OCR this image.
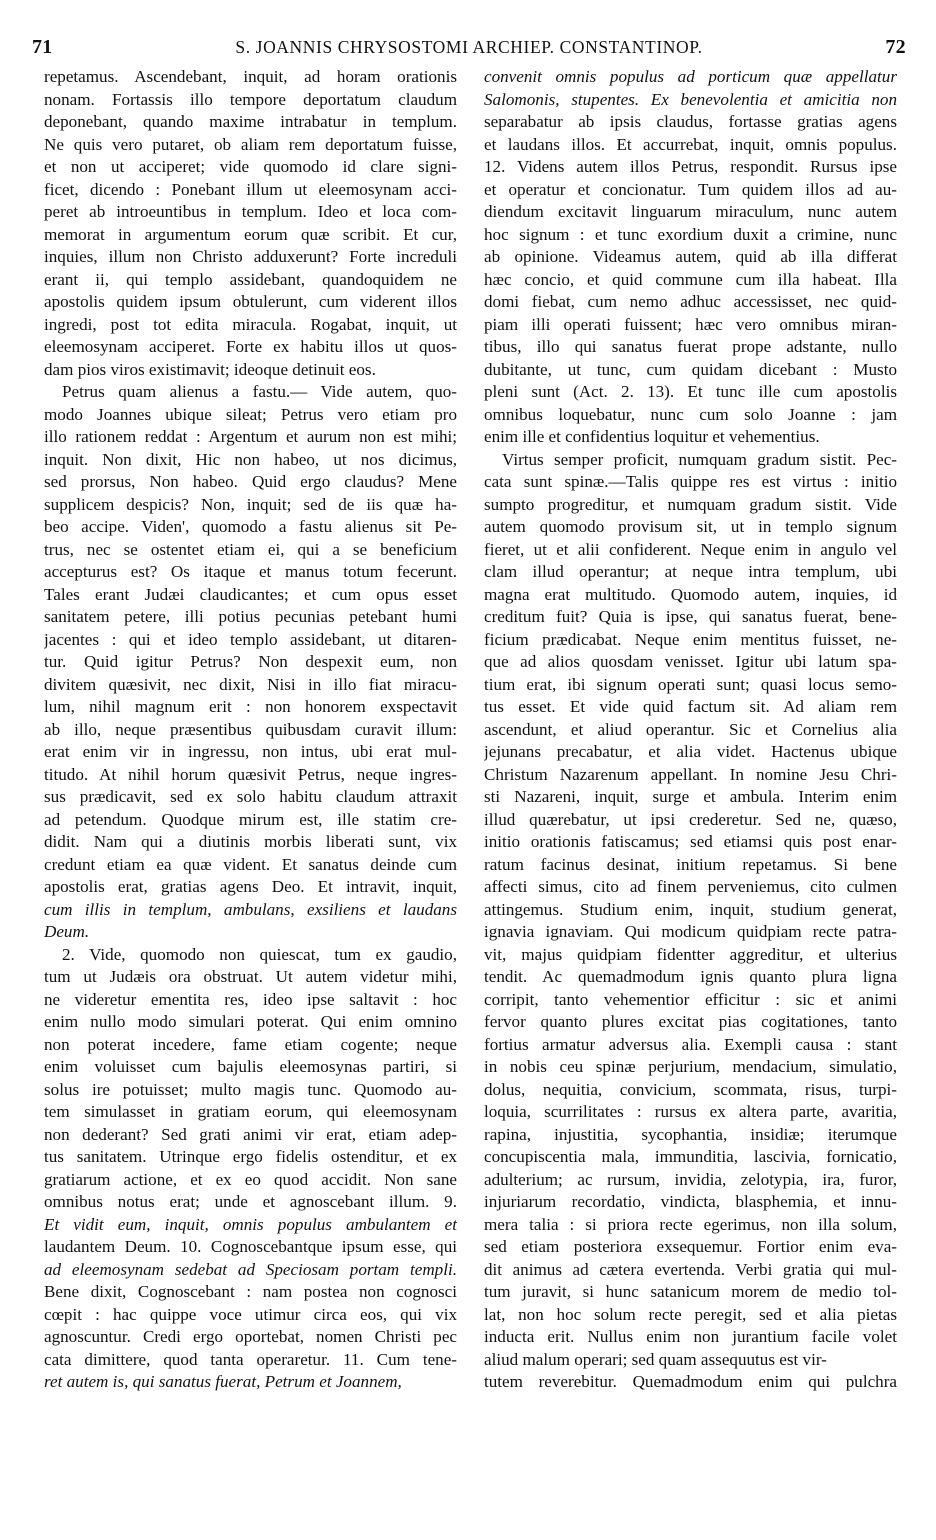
71	S. JOANNIS CHRYSOSTOMI ARCHIEP. CONSTANTINOP.	72
repetamus. Ascendebant, inquit, ad horam orationis
nonam. Fortassis illo tempore deportatum claudum
deponebant, quando maxime intrabatur in templum.
Ne quis vero putaret, ob aliam rem deportatum fuisse,
et non ut acciperet; vide quomodo id clare signi-
ficet, dicendo : Ponebant illum ut eleemosynam acci-
peret ab introeuntibus in templum. Ideo et loca com-
memorat in argumentum eorum quæ scribit. Et cur,
inquies, illum non Christo adduxerunt? Forte increduli
erant ii, qui templo assidebant, quandoquidem ne
apostolis quidem ipsum obtulerunt, cum viderent illos
ingredi, post tot edita miracula. Rogabat, inquit, ut
eleemosynam acciperet. Forte ex habitu illos ut quos-
dam pios viros existimavit; ideoque detinuit eos.
Petrus quam alienus a fastu.— Vide autem, quo-
modo Joannes ubique sileat; Petrus vero etiam pro
illo rationem reddat : Argentum et aurum non est mihi;
inquit. Non dixit, Hic non habeo, ut nos dicimus,
sed prorsus, Non habeo. Quid ergo claudus? Mene
supplicem despicis? Non, inquit; sed de iis quæ ha-
beo accipe. Viden', quomodo a fastu alienus sit Pe-
trus, nec se ostentet etiam ei, qui a se beneficium
accepturus est? Os itaque et manus totum fecerunt.
Tales erant Judæi claudicantes; et cum opus esset
sanitatem petere, illi potius pecunias petebant humi
jacentes : qui et ideo templo assidebant, ut ditaren-
tur. Quid igitur Petrus? Non despexit eum, non
divitem quæsivit, nec dixit, Nisi in illo fiat miracu-
lum, nihil magnum erit : non honorem exspectavit
ab illo, neque præsentibus quibusdam curavit illum:
erat enim vir in ingressu, non intus, ubi erat mul-
titudo. At nihil horum quæsivit Petrus, neque ingres-
sus prædicavit, sed ex solo habitu claudum attraxit
ad petendum. Quodque mirum est, ille statim cre-
didit. Nam qui a diutinis morbis liberati sunt, vix
credunt etiam ea quæ vident. Et sanatus deinde cum
apostolis erat, gratias agens Deo. Et intravit, inquit,
cum illis in templum, ambulans, exsiliens et laudans
Deum.
2. Vide, quomodo non quiescat, tum ex gaudio,
tum ut Judæis ora obstruat. Ut autem videtur mihi,
ne videretur ementita res, ideo ipse saltavit : hoc
enim nullo modo simulari poterat. Qui enim omnino
non poterat incedere, fame etiam cogente; neque
enim voluisset cum bajulis eleemosynas partiri, si
solus ire potuisset; multo magis tunc. Quomodo au-
tem simulasset in gratiam eorum, qui eleemosynam
non dederant? Sed grati animi vir erat, etiam adep-
tus sanitatem. Utrinque ergo fidelis ostenditur, et ex
gratiarum actione, et ex eo quod accidit. Non sane
omnibus notus erat; unde et agnoscebant illum. 9.
Et vidit eum, inquit, omnis populus ambulantem et
laudantem Deum. 10. Cognoscebantque ipsum esse, qui
ad eleemosynam sedebat ad Speciosam portam templi.
Bene dixit, Cognoscebant : nam postea non cognosci
cœpit : hac quippe voce utimur circa eos, qui vix
agnoscuntur. Credi ergo oportebat, nomen Christi pec
cata dimittere, quod tanta operaretur. 11. Cum tene-
ret autem is, qui sanatus fuerat, Petrum et Joannem,
convenit omnis populus ad porticum quæ appellatur
Salomonis, stupentes. Ex benevolentia et amicitia non
separabatur ab ipsis claudus, fortasse gratias agens
et laudans illos. Et accurrebat, inquit, omnis populus.
12. Videns autem illos Petrus, respondit. Rursus ipse
et operatur et concionatur. Tum quidem illos ad au-
diendum excitavit linguarum miraculum, nunc autem
hoc signum : et tunc exordium duxit a crimine, nunc
ab opinione. Videamus autem, quid ab illa differat
hæc concio, et quid commune cum illa habeat. Illa
domi fiebat, cum nemo adhuc accessisset, nec quid-
piam illi operati fuissent; hæc vero omnibus miran-
tibus, illo qui sanatus fuerat prope adstante, nullo
dubitante, ut tunc, cum quidam dicebant : Musto
pleni sunt (Act. 2. 13). Et tunc ille cum apostolis
omnibus loquebatur, nunc cum solo Joanne : jam
enim ille et confidentius loquitur et vehementius.
Virtus semper proficit, numquam gradum sistit. Pec-
cata sunt spinæ.—Talis quippe res est virtus : initio
sumpto progreditur, et numquam gradum sistit. Vide
autem quomodo provisum sit, ut in templo signum
fieret, ut et alii confiderent. Neque enim in angulo vel
clam illud operantur; at neque intra templum, ubi
magna erat multitudo. Quomodo autem, inquies, id
creditum fuit? Quia is ipse, qui sanatus fuerat, bene-
ficium prædicabat. Neque enim mentitus fuisset, ne-
que ad alios quosdam venisset. Igitur ubi latum spa-
tium erat, ibi signum operati sunt; quasi locus semo-
tus esset. Et vide quid factum sit. Ad aliam rem
ascendunt, et aliud operantur. Sic et Cornelius alia
jejunans precabatur, et alia videt. Hactenus ubique
Christum Nazarenum appellant. In nomine Jesu Chri-
sti Nazareni, inquit, surge et ambula. Interim enim
illud quærebatur, ut ipsi crederetur. Sed ne, quæso,
initio orationis fatiscamus; sed etiamsi quis post enar-
ratum facinus desinat, initium repetamus. Si bene
affecti simus, cito ad finem perveniemus, cito culmen
attingemus. Studium enim, inquit, studium generat,
ignavia ignaviam. Qui modicum quidpiam recte patra-
vit, majus quidpiam fidentter aggreditur, et ulterius
tendit. Ac quemadmodum ignis quanto plura ligna
corripit, tanto vehementior efficitur : sic et animi
fervor quanto plures excitat pias cogitationes, tanto
fortius armatur adversus alia. Exempli causa : stant
in nobis ceu spinæ perjurium, mendacium, simulatio,
dolus, nequitia, convicium, scommata, risus, turpi-
loquia, scurrilitates : rursus ex altera parte, avaritia,
rapina, injustitia, sycophantia, insidiæ; iterumque
concupiscentia mala, immunditia, lascivia, fornicatio,
adulterium; ac rursum, invidia, zelotypia, ira, furor,
injuriarum recordatio, vindicta, blasphemia, et innu-
mera talia : si priora recte egerimus, non illa solum,
sed etiam posteriora exsequemur. Fortior enim eva-
dit animus ad cætera evertenda. Verbi gratia qui mul-
tum juravit, si hunc satanicum morem de medio tol-
lat, non hoc solum recte peregit, sed et alia pietas
inducta erit. Nullus enim non jurantium facile volet
aliud malum operari; sed quam assequutus est vir-
tutem reverebitur. Quemadmodum enim qui pulchra
